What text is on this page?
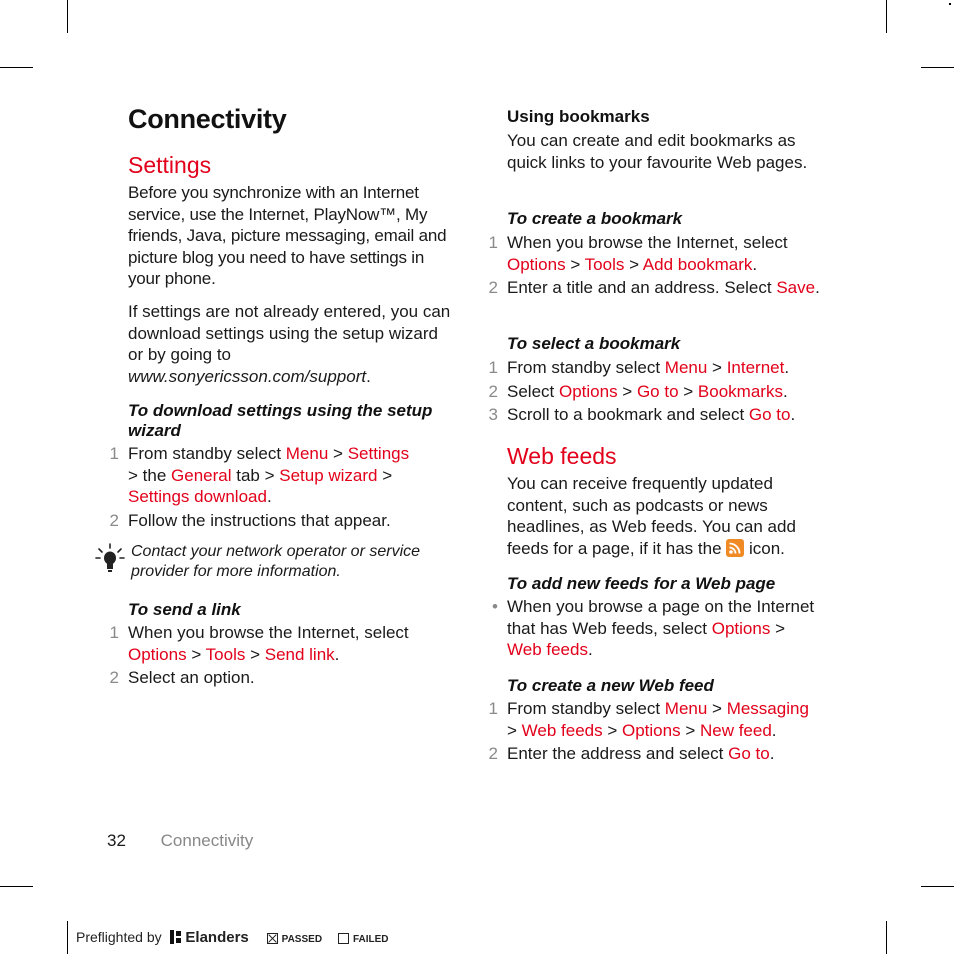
Connectivity
Settings
Before you synchronize with an Internet service, use the Internet, PlayNow™, My friends, Java, picture messaging, email and picture blog you need to have settings in your phone.
If settings are not already entered, you can download settings using the setup wizard or by going to www.sonyericsson.com/support.
To download settings using the setup wizard
1 From standby select Menu > Settings
> the General tab > Setup wizard >
Settings download.
2 Follow the instructions that appear.
Contact your network operator or service provider for more information.
To send a link
1 When you browse the Internet, select Options > Tools > Send link.
2 Select an option.
Using bookmarks
You can create and edit bookmarks as quick links to your favourite Web pages.
To create a bookmark
1 When you browse the Internet, select Options > Tools > Add bookmark.
2 Enter a title and an address. Select Save.
To select a bookmark
1 From standby select Menu > Internet.
2 Select Options > Go to > Bookmarks.
3 Scroll to a bookmark and select Go to.
Web feeds
You can receive frequently updated content, such as podcasts or news headlines, as Web feeds. You can add feeds for a page, if it has the icon.
To add new feeds for a Web page
• When you browse a page on the Internet that has Web feeds, select Options > Web feeds.
To create a new Web feed
1 From standby select Menu > Messaging
> Web feeds > Options > New feed.
2 Enter the address and select Go to.
32 Connectivity
Preflighted by Elanders	PASSED	FAILED
